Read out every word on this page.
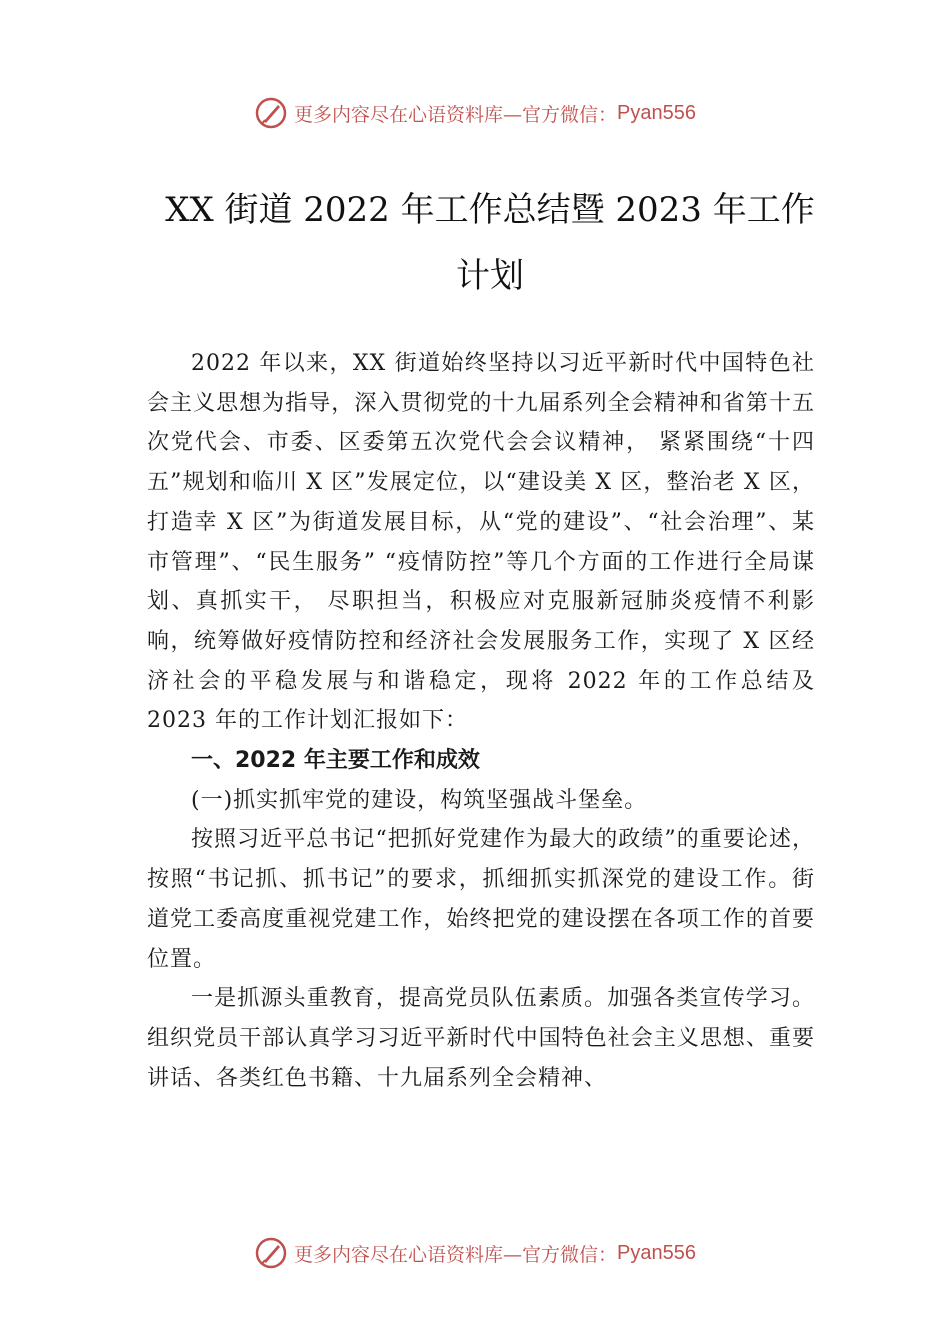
更多内容尽在心语资料库—官方微信： Pyan556
XX 街道 2022 年工作总结暨 2023 年工作
计划

2022 年以来，XX 街道始终坚持以习近平新时代中国特色社会主义思想为指导，深入贯彻党的十九届系列全会精神和省第十五次党代会、市委、区委第五次党代会会议精神， 紧紧围绕“十四五”规划和临川 X 区”发展定位，以“建设美 X 区，整治老 X 区，打造幸 X 区”为街道发展目标，从“党的建设”、“社会治理”、某市管理”、“民生服务” “疫情防控”等几个方面的工作进行全局谋划、真抓实干， 尽职担当，积极应对克服新冠肺炎疫情不利影响，统筹做好疫情防控和经济社会发展服务工作，实现了 X 区经济社会的平稳发展与和谐稳定，现将 2022 年的工作总结及 2023 年的工作计划汇报如下：

一、2022 年主要工作和成效

(一)抓实抓牢党的建设，构筑坚强战斗堡垒。

按照习近平总书记“把抓好党建作为最大的政绩”的重要论述，按照“书记抓、抓书记”的要求，抓细抓实抓深党的建设工作。街道党工委高度重视党建工作，始终把党的建设摆在各项工作的首要位置。

一是抓源头重教育，提高党员队伍素质。加强各类宣传学习。组织党员干部认真学习习近平新时代中国特色社会主义思想、重要讲话、各类红色书籍、十九届系列全会精神、

更多内容尽在心语资料库—官方微信： Pyan556
